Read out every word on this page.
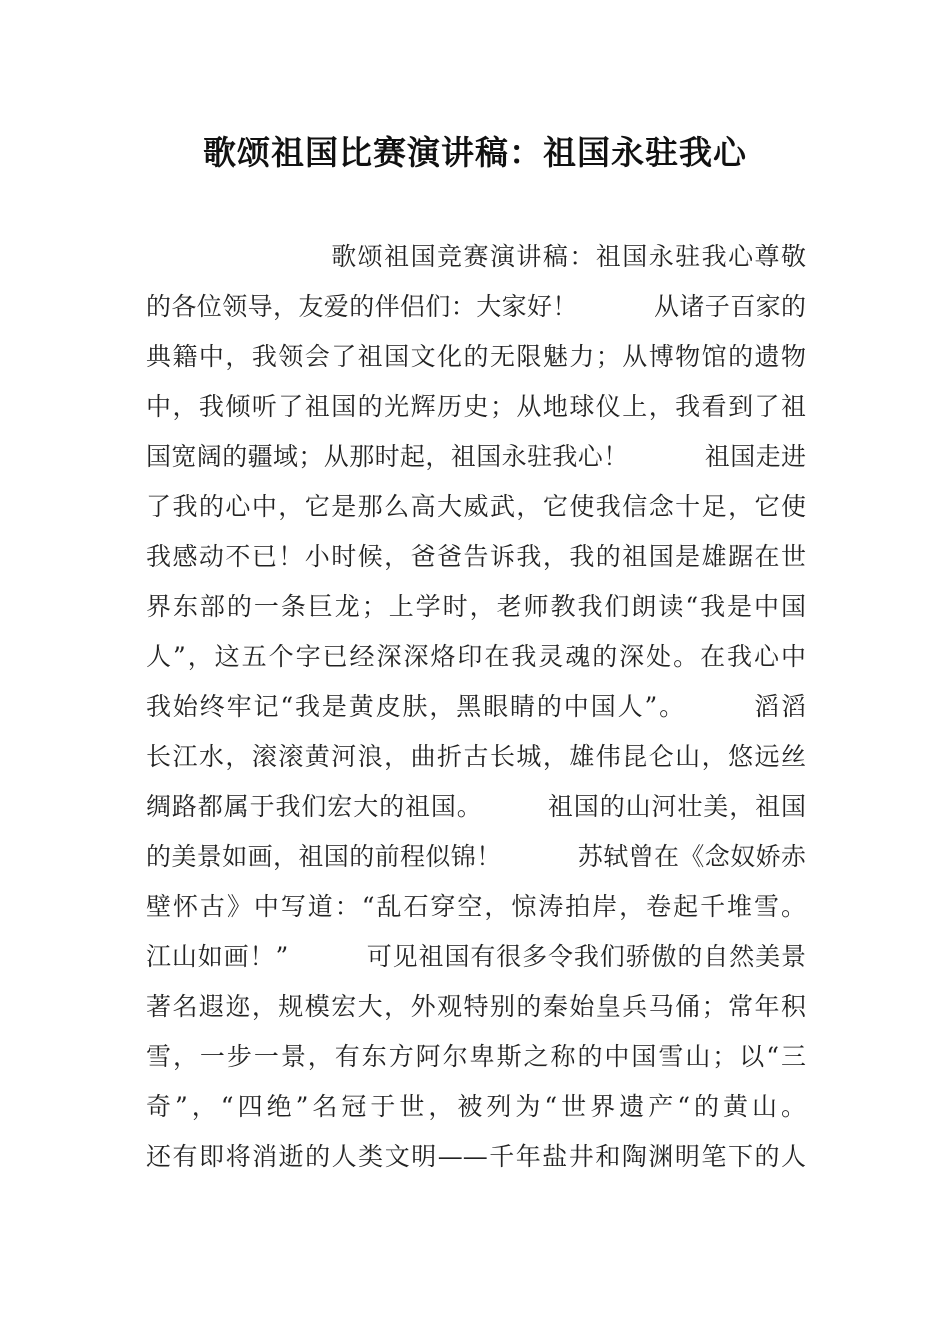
歌颂祖国比赛演讲稿：祖国永驻我心
　　　　　　　歌颂祖国竞赛演讲稿：祖国永驻我心尊敬
的各位领导，友爱的伴侣们：大家好！　　　从诸子百家的
典籍中，我领会了祖国文化的无限魅力；从博物馆的遗物
中，我倾听了祖国的光辉历史；从地球仪上，我看到了祖
国宽阔的疆域；从那时起，祖国永驻我心！　　　祖国走进
了我的心中，它是那么高大威武，它使我信念十足，它使
我感动不已！小时候，爸爸告诉我，我的祖国是雄踞在世
界东部的一条巨龙；上学时，老师教我们朗读“我是中国
人”，这五个字已经深深烙印在我灵魂的深处。在我心中
我始终牢记“我是黄皮肤，黑眼睛的中国人”。　　　滔滔
长江水，滚滚黄河浪，曲折古长城，雄伟昆仑山，悠远丝
绸路都属于我们宏大的祖国。　　　祖国的山河壮美，祖国
的美景如画，祖国的前程似锦！　　　苏轼曾在《念奴娇赤
壁怀古》中写道：“乱石穿空，惊涛拍岸，卷起千堆雪。
江山如画！”　　　可见祖国有很多令我们骄傲的自然美景
著名遐迩，规模宏大，外观特别的秦始皇兵马俑；常年积
雪，一步一景，有东方阿尔卑斯之称的中国雪山；以“三
奇”，“四绝”名冠于世，被列为“世界遗产“的黄山。
还有即将消逝的人类文明——千年盐井和陶渊明笔下的人
